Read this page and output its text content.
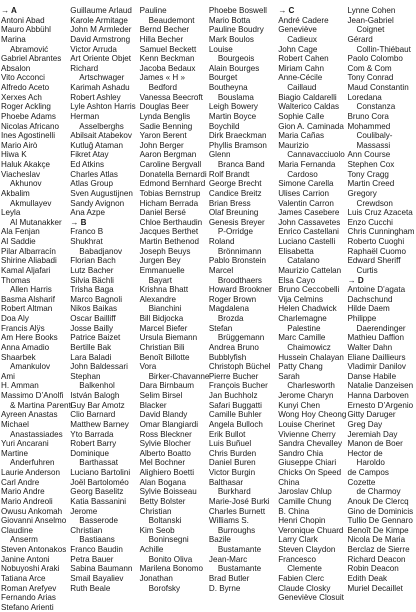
→ A
Antoni Abad
Mauro Abbühl
Marina
Abramović
Gabriel Abrantes
Absalon
Vito Acconci
Alfredo Aceto
Xerxes Ach
Roger Ackling
Phoebe Adams
Nicolas Africano
Ines Agostinelli
Mario Airò
Hiwa K
Haluk Akakçe
Viacheslav
Akhunov
Akbalim
Akmullayev
Leyla
Al Mutanakker
Ala Fenjan
Al Saddie
Pilar Albarracín
Shirine Aliabadi
Kamal Aljafari
Thomas
Allen Harris
Basma Alsharif
Robert Altman
Doa Aly
Francis Alÿs
Am Here Books
Anna Amadio
Shaarbek
Amankulov
Ami
H. Amman
Massimo D’Anolfi
& Martina Parenti
Ayreen Anastas
Michael
Anastassiades
Yuri Ancarani
Martine
Anderfuhren
Laurie Anderson
Carl Andre
Mario Andre
Mario Andreoli
Owusu Ankomah
Giovanni Anselmo
Claudine
Anserm
Steven Antonakos
Janine Antoni
Nobuyoshi Araki
Tatiana Arce
Roman Arefyev
Fernando Arias
Stefano Arienti
Guillaume Arlaud
Karole Armitage
John M Armleder
David Armstrong
Victor Arruda
Art Oriente Objet
Richard
Artschwager
Karimah Ashadu
Robert Ashley
Lyle Ashton Harris
Herman
Asselberghs
Abilsait Atabekov
Kutluğ Ataman
Fikret Atay
Ed Atkins
Charles Atlas
Atlas Group
Sven Augustijnen
Sandy Avignon
Ana Azpe
→ B
Franco B
Shukhrat
Babadjanov
Florian Bach
Lutz Bacher
Silvia Bächli
Trisha Baga
Marco Bagnoli
Nikos Baikas
Oscar Bailliff
Josse Bailly
Patrice Baizet
Bertille Bak
Lara Baladi
John Baldessari
Stephan
Balkenhol
István Balogh
Guy Bar Amotz
Clio Barnard
Matthew Barney
Yto Barrada
Robert Barry
Dominique
Barthassat
Luciano Bartolini
Joël Bartoloméo
Georg Baselitz
Katia Bassanini
Jerome
Basserode
Christian
Bastiaans
Franco Baudin
Petra Bauer
Sabina Baumann
Smail Bayaliev
Ruth Beale
Pauline
Beaudemont
Bernd Becher
Hilla Becher
Samuel Beckett
Kenn Beckman
Jacoba Bedaux
James « H »
Bedford
Vanessa Beecroft
Douglas Beer
Lynda Benglis
Sadie Benning
Yaron Berent
John Berger
Aaron Bergman
Caroline Bergvall
Donatella Bernardi
Edmond Bernhard
Tobias Bernstrup
Hicham Berrada
Daniel Bersé
Chloe Berthaudin
Jacques Berthet
Martin Bethenod
Joseph Beuys
Jurgen Bey
Emmanuelle
Bayart
Krishna Bhatt
Alexandre
Bianchini
Bill Bidjocka
Marcel Biefer
Ursula Biemann
Christian Bili
Benoît Billotte
Vora
Birker-Chavanne
Dara Birnbaum
Selim Birsel
Blacker
David Blandy
Omar Blangiardi
Ross Bleckner
Sylvie Blocher
Alberto Boatto
Mel Bochner
Alighiero Boetti
Alan Bogana
Sylvie Boisseau
Betty Bolster
Christian
Boltanski
Kim Seob
Boninsegni
Achille
Bonito Oliva
Marilena Bonomo
Jonathan
Borofsky
Phoebe Boswell
Mario Botta
Pauline Boudry
Mark Boulos
Louise
Bourgeois
Alain Bourges
Bourget
Boutheyna
Bouslama
Leigh Bowery
Martin Boyce
Boychild
Dirk Braeckman
Phyllis Bramson
Glenn
Branca Band
Rolf Brandt
George Brecht
Candice Breitz
Brian Bress
Olaf Breuning
Genesis Breyer
P-Orridge
Roland
Brönnimann
Pablo Bronstein
Marcel
Broodthaers
Howard Brookner
Roger Brown
Magdalena
Brozda
Stefan
Brüggemann
Andrea Bruno
Bubblyfish
Christoph Büchel
Pierre Bucher
François Bucher
Jan Buchholz
Safari Buggatti
Camille Buhler
Angela Bulloch
Erik Bullot
Luis Buñuel
Chris Burden
Daniel Buren
Victor Burgin
Balthasar
Burkhard
Marie-José Burki
Charles Burnett
Williams S.
Burroughs
Bazile
Bustamante
Jean-Marc
Bustamante
Brad Butler
D. Byrne
→ C
André Cadere
Geneviève
Cadieux
John Cage
Robert Cahen
Miriam Cahn
Anne-Cécile
Caillaud
Biagio Caldarelli
Walterico Caldas
Sophie Calle
Gion A. Caminada
Maria Cañas
Maurizio
Cannavacciuolo
Maria Fernanda
Cardoso
Simone Carella
Ulises Carrion
Valentin Carron
James Casebere
John Cassavetes
Enrico Castellani
Luciano Castelli
Elisabetta
Catalano
Maurizio Cattelan
Elsa Cayo
Bruno Ceccobelli
Vija Celmins
Helen Chadwick
Charlemagne
Palestine
Marc Camille
Chaimowicz
Hussein Chalayan
Patty Chang
Sarah
Charlesworth
Jerome Charyn
Kunyi Chen
Wong Hoy Cheong
Louise Cherinet
Vivienne Cherry
Sandra Chevalley
Sandro Chia
Giuseppe Chiari
Chicks On Speed
China
Jaroslav Chlup
Camille Chung
B. China
Henri Chopin
Veronique Chuard
Larry Clark
Steven Claydon
Francesco
Clemente
Fabien Clerc
Claude Closky
Geneviève Closuit
Lynne Cohen
Jean-Gabriel
Coignet
Gérard
Collin-Thiébaut
Paolo Colombo
Com & Com
Tony Conrad
Maud Constantin
Loredana
Constanza
Bruno Cora
Mohammed
Coulibaly-
Massassi
Ann Course
Stephen Cox
Tony Cragg
Martin Creed
Gregory
Crewdson
Luis Cruz Azaceta
Enzo Cucchi
Chris Cunningham
Roberto Cuoghi
Raphaël Cuomo
Edward Sheriff
Curtis
→ D
Antoine D’agata
Dachschund
Hilde Daem
Philippe
Daerendinger
Mathieu Daffion
Walter Dahn
Eliane Daillieurs
Vladimir Danilov
Danse Habile
Natalie Danzeisen
Hanna Darboven
Ernesto D’Argenio
Gitty Daruger
Greg Day
Jeremiah Day
Manon de Boer
Hector de
Haroldo
de Campos
Cozette
de Charmoy
Anouk De Clercq
Gino de Dominicis
Tullio De Gennaro
Benoît De Kimpe
Nicola De Maria
Berclaz de Sierre
Richard Deacon
Robin Deacon
Edith Deak
Muriel Decaillet
